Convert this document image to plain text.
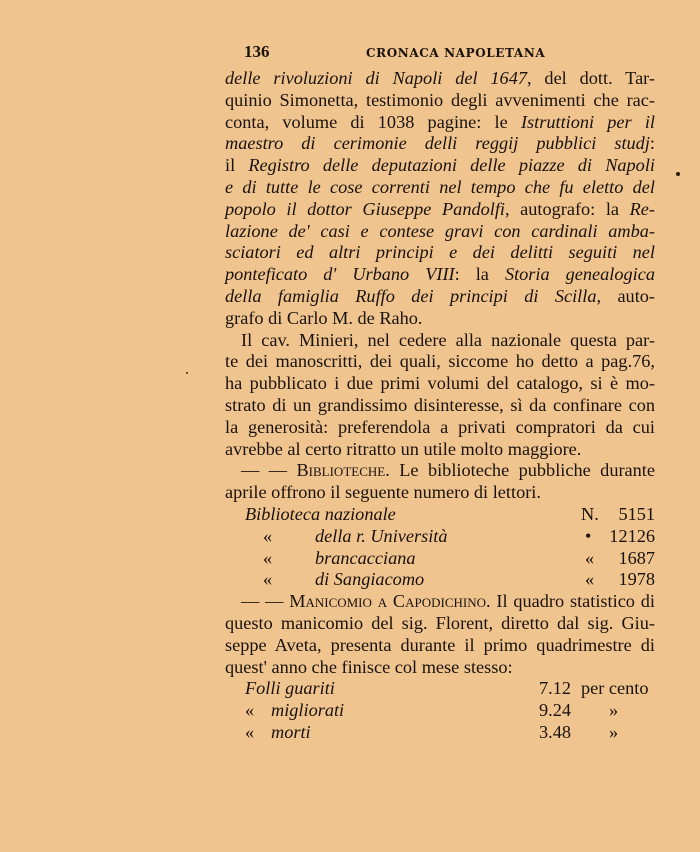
136	CRONACA NAPOLETANA
delle rivoluzioni di Napoli del 1647, del dott. Tar-
quinio Simonetta, testimonio degli avvenimenti che rac-
conta, volume di 1038 pagine: le Istruttioni per il
maestro di cerimonie delli reggij pubblici studj:
il Registro delle deputazioni delle piazze di Napoli
e di tutte le cose correnti nel tempo che fu eletto del
popolo il dottor Giuseppe Pandolfi, autografo: la Re-
lazione de' casi e contese gravi con cardinali amba-
sciatori ed altri principi e dei delitti seguiti nel
ponteficato d' Urbano VIII: la Storia genealogica
della famiglia Ruffo dei principi di Scilla, auto-
grafo di Carlo M. de Raho.
Il cav. Minieri, nel cedere alla nazionale questa par-
te dei manoscritti, dei quali, siccome ho detto a pag.76,
ha pubblicato i due primi volumi del catalogo, si è mo-
strato di un grandissimo disinteresse, sì da confinare con
la generosità: preferendola a privati compratori da cui
avrebbe al certo ritratto un utile molto maggiore.
— — Biblioteche. Le biblioteche pubbliche durante
aprile offrono il seguente numero di lettori.
Biblioteca nazionale	N. 5151
« della r. Università	• 12126
« brancacciana	« 1687
« di Sangiacomo	« 1978
— — Manicomio a Capodichino. Il quadro statistico di
questo manicomio del sig. Florent, diretto dal sig. Giu-
seppe Aveta, presenta durante il primo quadrimestre di
quest' anno che finisce col mese stesso:
Folli guariti	7.12 per cento
« migliorati	9.24 »
« morti	3.48 »
